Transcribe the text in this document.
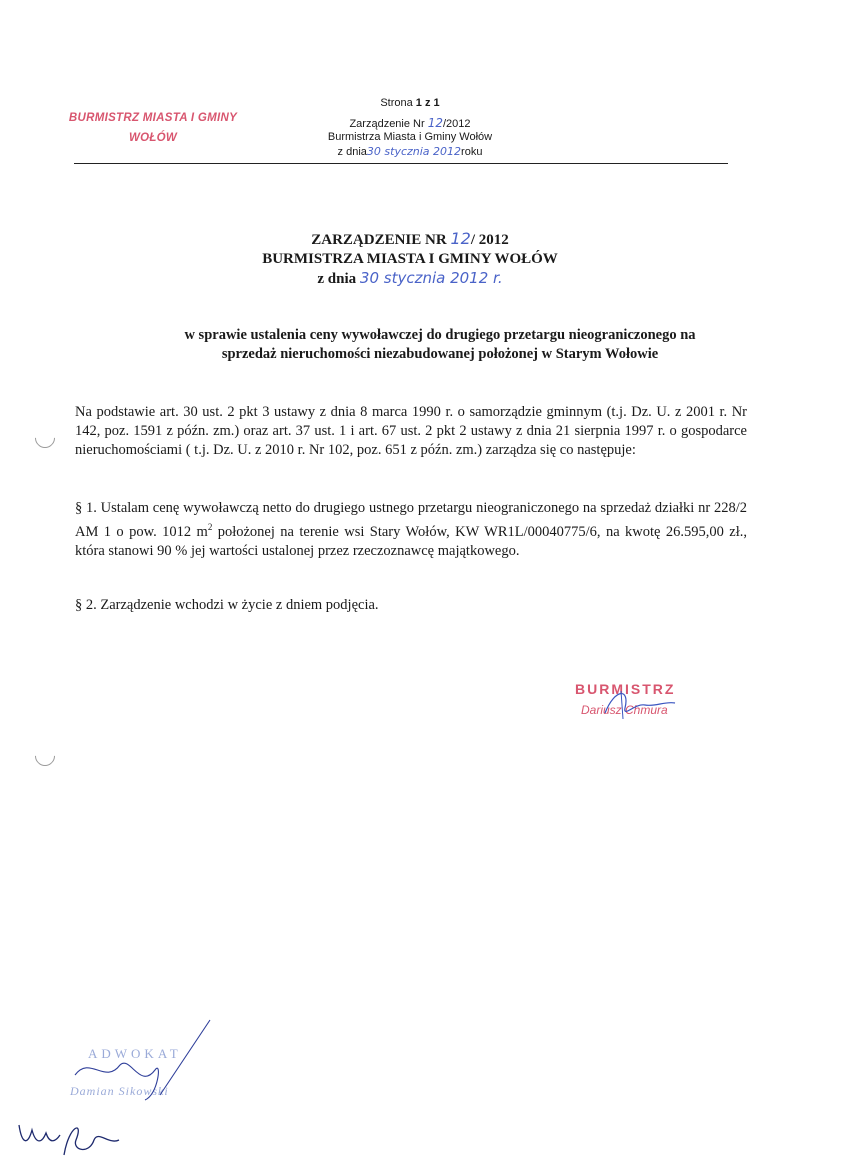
BURMISTRZ MIASTA I GMINY
WOŁÓW
Strona 1 z 1
Zarządzenie Nr 12/2012
Burmistrza Miasta i Gminy Wołów
z dnia30 stycznia 2012roku
ZARZĄDZENIE NR 12/ 2012
BURMISTRZA MIASTA I GMINY WOŁÓW
z dnia 30 stycznia 2012 r.
w sprawie ustalenia ceny wywoławczej do drugiego przetargu nieograniczonego na
sprzedaż nieruchomości niezabudowanej położonej w Starym Wołowie
Na podstawie art. 30 ust. 2 pkt 3 ustawy z dnia 8 marca 1990 r. o samorządzie gminnym (t.j. Dz. U. z 2001 r. Nr 142, poz. 1591 z późn. zm.) oraz art. 37 ust. 1 i art. 67 ust. 2 pkt 2 ustawy z dnia 21 sierpnia 1997 r. o gospodarce nieruchomościami ( t.j. Dz. U. z 2010 r. Nr 102, poz. 651 z późn. zm.) zarządza się co następuje:
§ 1. Ustalam cenę wywoławczą netto do drugiego ustnego przetargu nieograniczonego na sprzedaż działki nr 228/2 AM 1 o pow. 1012 $m^2$ położonej na terenie wsi Stary Wołów, KW WR1L/00040775/6, na kwotę 26.595,00 zł., która stanowi 90 % jej wartości ustalonej przez rzeczoznawcę majątkowego.
§ 2. Zarządzenie wchodzi w życie z dniem podjęcia.
BURMISTRZ
Dariusz Chmura
ADWOKAT
Damian Sikowski
